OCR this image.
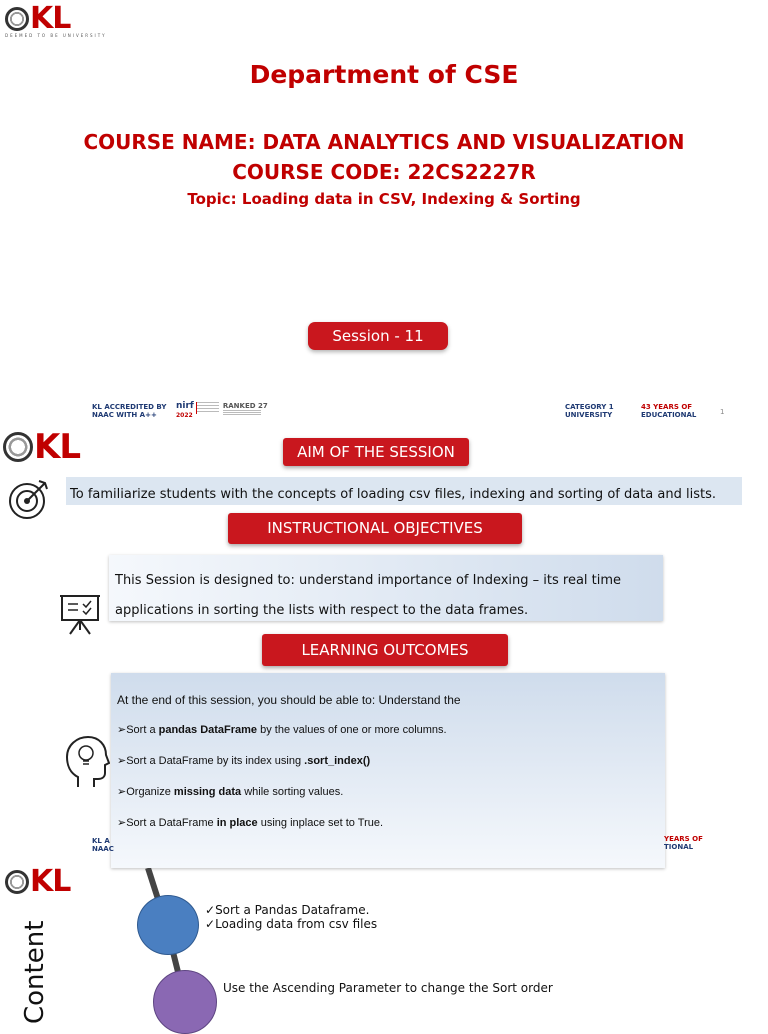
KL
DEEMED TO BE UNIVERSITY
Department of CSE
COURSE NAME: DATA ANALYTICS AND VISUALIZATION
COURSE CODE: 22CS2227R
Topic: Loading data in CSV, Indexing & Sorting
Session - 11
KL ACCREDITED BY
NAAC WITH A++
nirf
2022
RANKED 27	CATEGORY 1
UNIVERSITY
43 YEARS OF
EDUCATIONAL	1
KL	AIM OF THE SESSION
To familiarize students with the concepts of loading csv files, indexing and sorting of data and lists.
INSTRUCTIONAL OBJECTIVES
This Session is designed to: understand importance of Indexing – its real time
applications in sorting the lists with respect to the data frames.
LEARNING OUTCOMES
At the end of this session, you should be able to: Understand the
➢Sort a pandas DataFrame by the values of one or more columns.
➢Sort a DataFrame by its index using .sort_index()
➢Organize missing data while sorting values.
➢Sort a DataFrame in place using inplace set to True.
KL A
NAAC
YEARS OF
TIONAL
KL
Content
✓Sort a Pandas Dataframe.
✓Loading data from csv files
Use the Ascending Parameter to change the Sort order
